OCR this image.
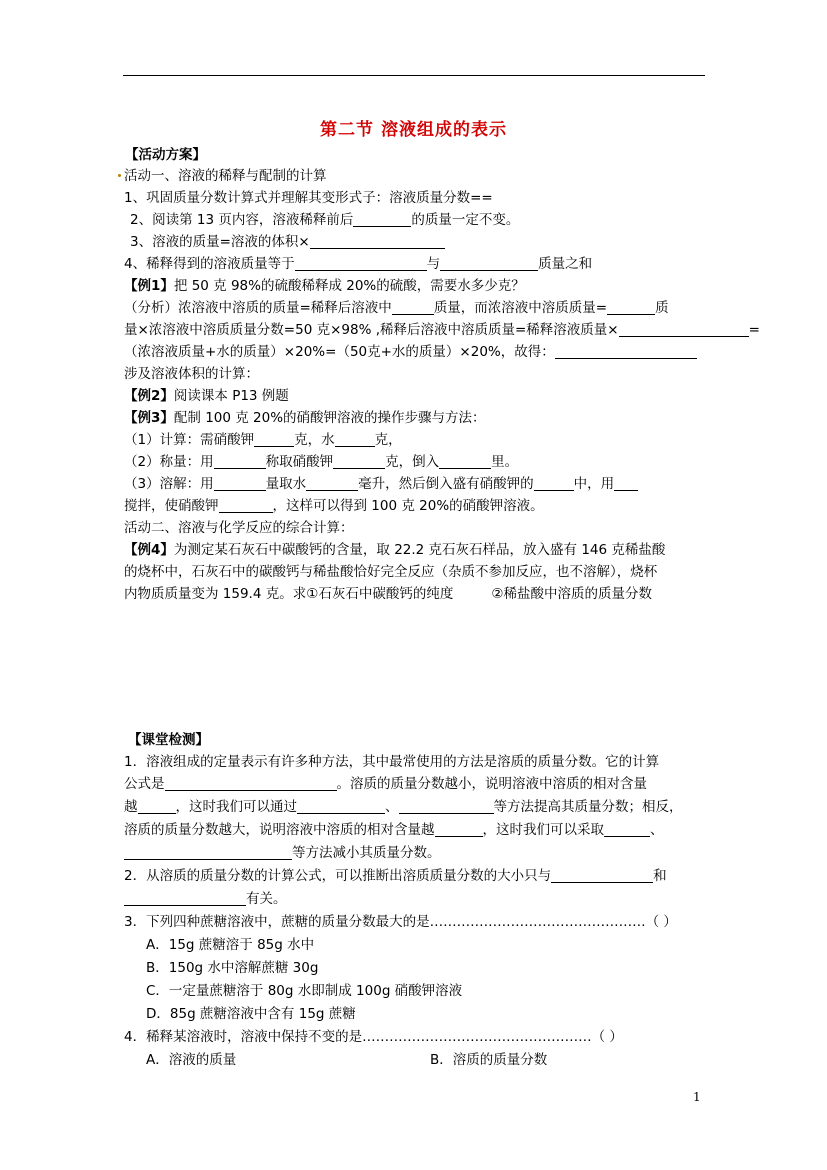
第二节 溶液组成的表示
【活动方案】
活动一、溶液的稀释与配制的计算
1、巩固质量分数计算式并理解其变形式子：溶液质量分数==
2、阅读第 13 页内容，溶液稀释前后	的质量一定不变。
3、溶液的质量=溶液的体积×
4、稀释得到的溶液质量等于	与	质量之和
【例1】把 50 克 98%的硫酸稀释成 20%的硫酸，需要水多少克？
（分析）浓溶液中溶质的质量=稀释后溶液中	质量，而浓溶液中溶质质量=	质
量×浓溶液中溶质质量分数=50 克×98% ,稀释后溶液中溶质质量=稀释溶液质量×	=
（浓溶液质量+水的质量）×20%=（50克+水的质量）×20%，故得：
涉及溶液体积的计算：
【例2】阅读课本 P13 例题
【例3】配制 100 克 20%的硝酸钾溶液的操作步骤与方法：
（1）计算：需硝酸钾	克，水	克，
（2）称量：用	称取硝酸钾	克，倒入	里。
（3）溶解：用	量取水	毫升，然后倒入盛有硝酸钾的	中，用
搅拌，使硝酸钾	，这样可以得到 100 克 20%的硝酸钾溶液。
活动二、溶液与化学反应的综合计算：
【例4】为测定某石灰石中碳酸钙的含量，取 22.2 克石灰石样品，放入盛有 146 克稀盐酸
的烧杯中，石灰石中的碳酸钙与稀盐酸恰好完全反应（杂质不参加反应，也不溶解），烧杯
内物质质量变为 159.4 克。求①石灰石中碳酸钙的纯度	②稀盐酸中溶质的质量分数
【课堂检测】
1．溶液组成的定量表示有许多种方法，其中最常使用的方法是溶质的质量分数。它的计算
公式是	。溶质的质量分数越小，说明溶液中溶质的相对含量
越	，这时我们可以通过	、	等方法提高其质量分数；相反，
溶质的质量分数越大，说明溶液中溶质的相对含量越	，这时我们可以采取	、
等方法减小其质量分数。
2．从溶质的质量分数的计算公式，可以推断出溶质质量分数的大小只与	和
有关。
3．下列四种蔗糖溶液中，蔗糖的质量分数最大的是…………………………………………（ ）
A．15g 蔗糖溶于 85g 水中
B．150g 水中溶解蔗糖 30g
C．一定量蔗糖溶于 80g 水即制成 100g 硝酸钾溶液
D．85g 蔗糖溶液中含有 15g 蔗糖
4．稀释某溶液时，溶液中保持不变的是……………………………………………（ ）
A．溶液的质量	B．溶质的质量分数
1
